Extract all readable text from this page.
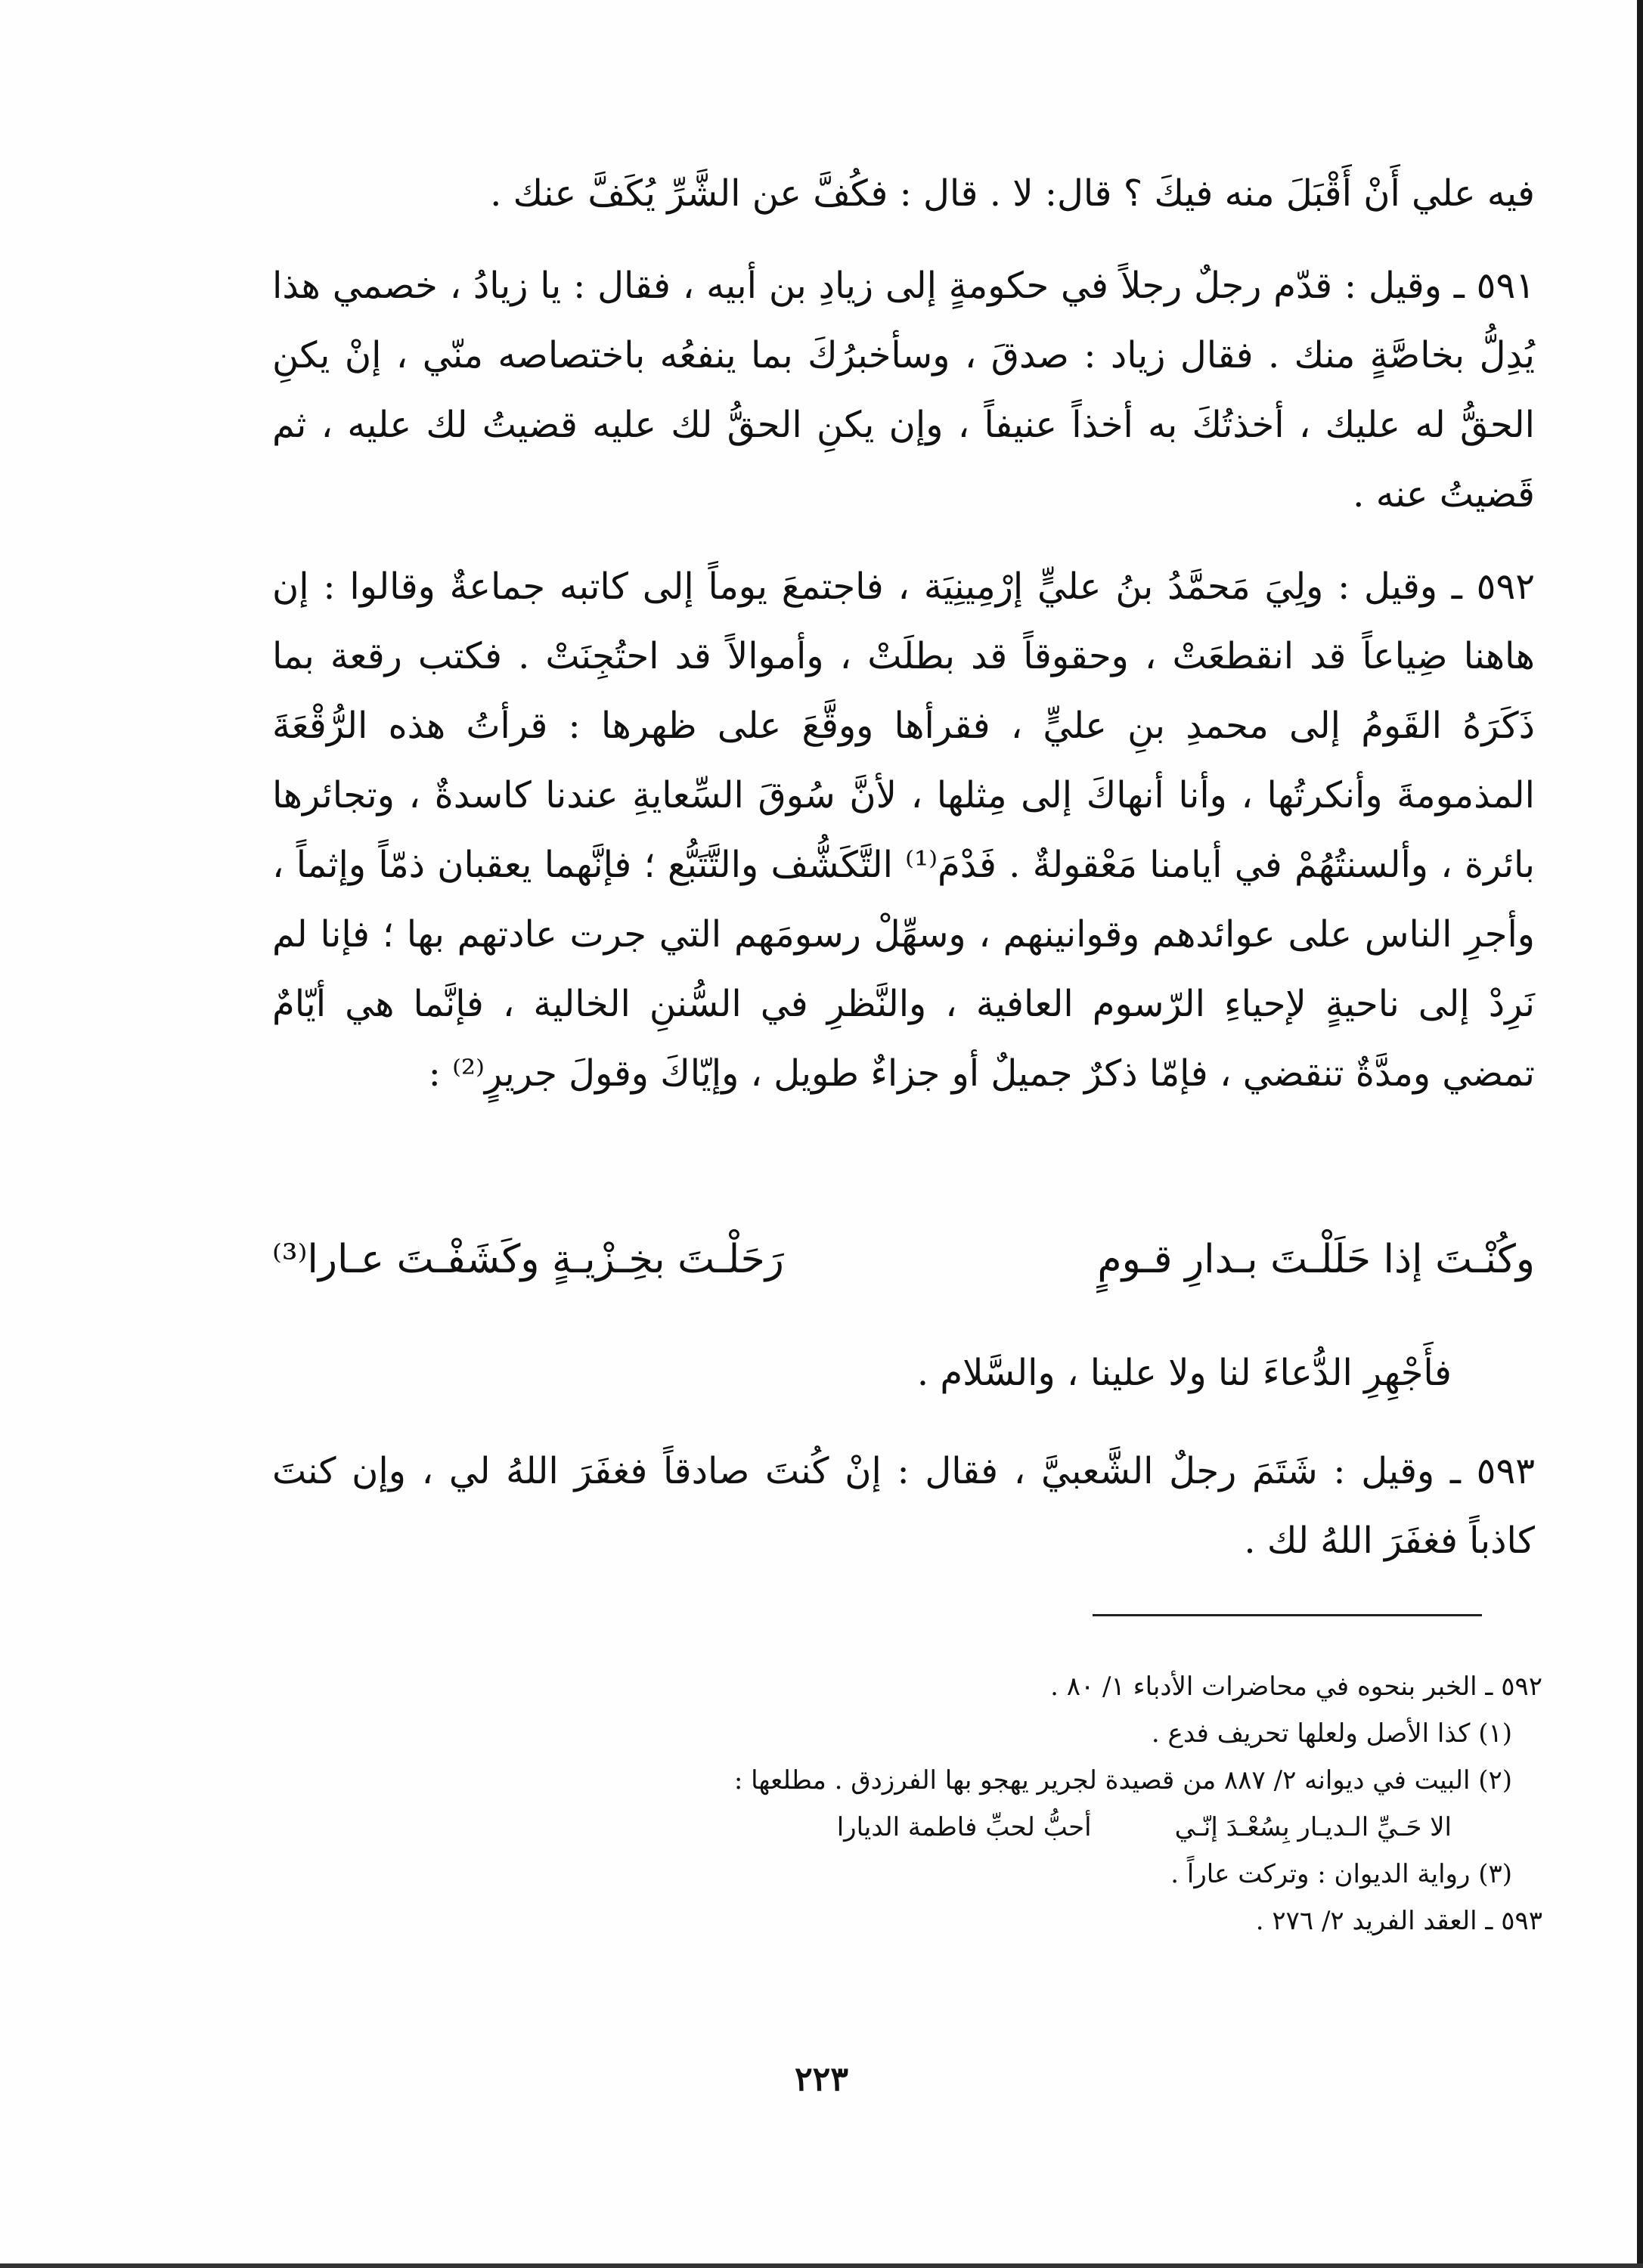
فيه علي أَنْ أَقْبَلَ منه فيكَ ؟ قال: لا . قال : فكُفَّ عن الشَّرِّ يُكَفَّ عنك .

٥٩١ ـ وقيل : قدّم رجلٌ رجلاً في حكومةٍ إلى زيادِ بن أبيه ، فقال : يا زيادُ ، خصمي هذا يُدِلُّ بخاصَّةٍ منك . فقال زياد : صدقَ ، وسأخبرُكَ بما ينفعُه باختصاصه منّي ، إنْ يكنِ الحقُّ له عليك ، أخذتُكَ به أخذاً عنيفاً ، وإن يكنِ الحقُّ لك عليه قضيتُ لك عليه ، ثم قَضيتُ عنه .

٥٩٢ ـ وقيل : ولِيَ مَحمَّدُ بنُ عليٍّ إرْمِينِيَة ، فاجتمعَ يوماً إلى كاتبه جماعةٌ وقالوا : إن هاهنا ضِياعاً قد انقطعَتْ ، وحقوقاً قد بطلَتْ ، وأموالاً قد احتُجِنَتْ . فكتب رقعة بما ذَكَرَهُ القَومُ إلى محمدِ بنِ عليٍّ ، فقرأها ووقَّعَ على ظهرها : قرأتُ هذه الرُّقْعَةَ المذمومةَ وأنكرتُها ، وأنا أنهاكَ إلى مِثلها ، لأنَّ سُوقَ السِّعايةِ عندنا كاسدةٌ ، وتجائرها بائرة ، وألسنتُهُمْ في أيامنا مَعْقولةٌ . فَدْمَ⁽¹⁾ التَّكَشُّف والتَّتَبُّع ؛ فإنَّهما يعقبان ذمّاً وإثماً ، وأجرِ الناس على عوائدهم وقوانينهم ، وسهِّلْ رسومَهم التي جرت عادتهم بها ؛ فإنا لم نَرِدْ إلى ناحيةٍ لإحياءِ الرّسوم العافية ، والنَّظرِ في السُّننِ الخالية ، فإنَّما هي أيّامٌ تمضي ومدَّةٌ تنقضي ، فإمّا ذكرٌ جميلٌ أو جزاءٌ طويل ، وإيّاكَ وقولَ جريرٍ⁽²⁾ :

وكُنْـتَ إذا حَلَلْـتَ بـدارِ قـومٍ
رَحَلْـتَ بخِـزْيـةٍ وكَشَفْـتَ عـارا⁽³⁾
فأَجْهِرِ الدُّعاءَ لنا ولا علينا ، والسَّلام .
٥٩٣ ـ وقيل : شَتَمَ رجلٌ الشَّعبيَّ ، فقال : إنْ كُنتَ صادقاً فغفَرَ اللهُ لي ، وإن كنتَ كاذباً فغفَرَ اللهُ لك .
٥٩٢ ـ الخبر بنحوه في محاضرات الأدباء ١/ ٨٠ .
(١) كذا الأصل ولعلها تحريف فدع .
(٢) البيت في ديوانه ٢/ ٨٨٧ من قصيدة لجرير يهجو بها الفرزدق . مطلعها :
الا حَـيِّ الـديـار بِسُعْـدَ إنّـي
أحبُّ لحبِّ فاطمة الديارا
(٣) رواية الديوان : وتركت عاراً .
٥٩٣ ـ العقد الفريد ٢/ ٢٧٦ .
٢٢٣
